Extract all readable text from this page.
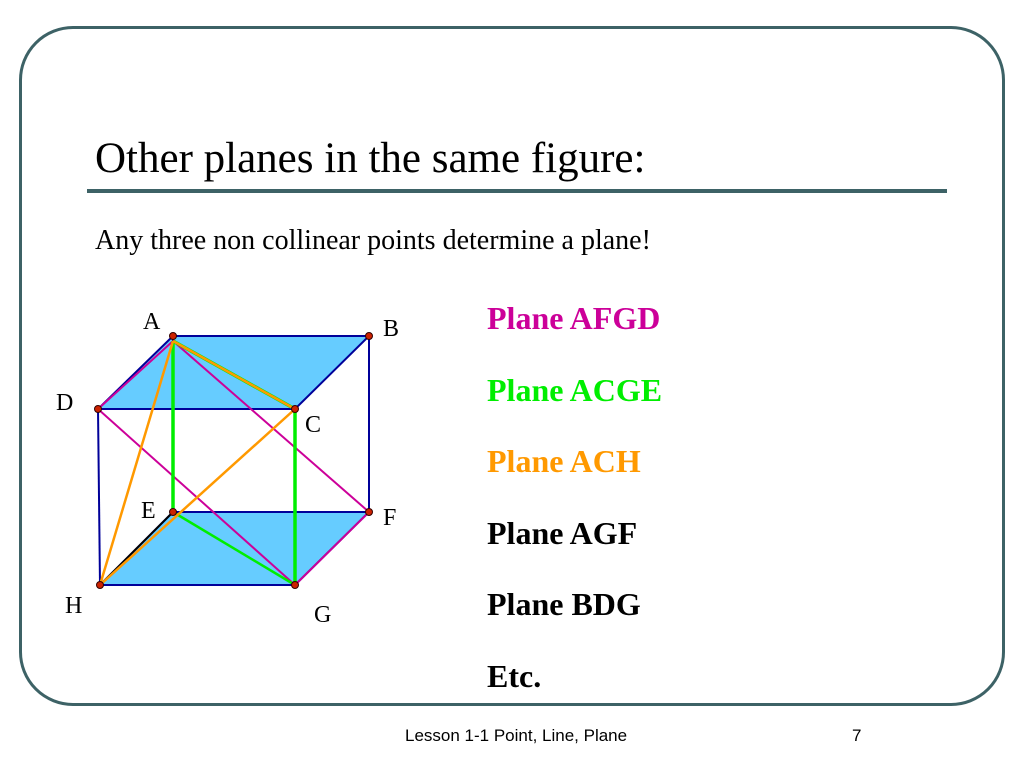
Other planes in the same figure:
Any three non collinear points determine a plane!
A	B
C
D
E	F
G
H
Plane AFGD
Plane ACGE
Plane ACH
Plane AGF
Plane BDG
Etc.
Lesson 1-1 Point, Line, Plane	7
